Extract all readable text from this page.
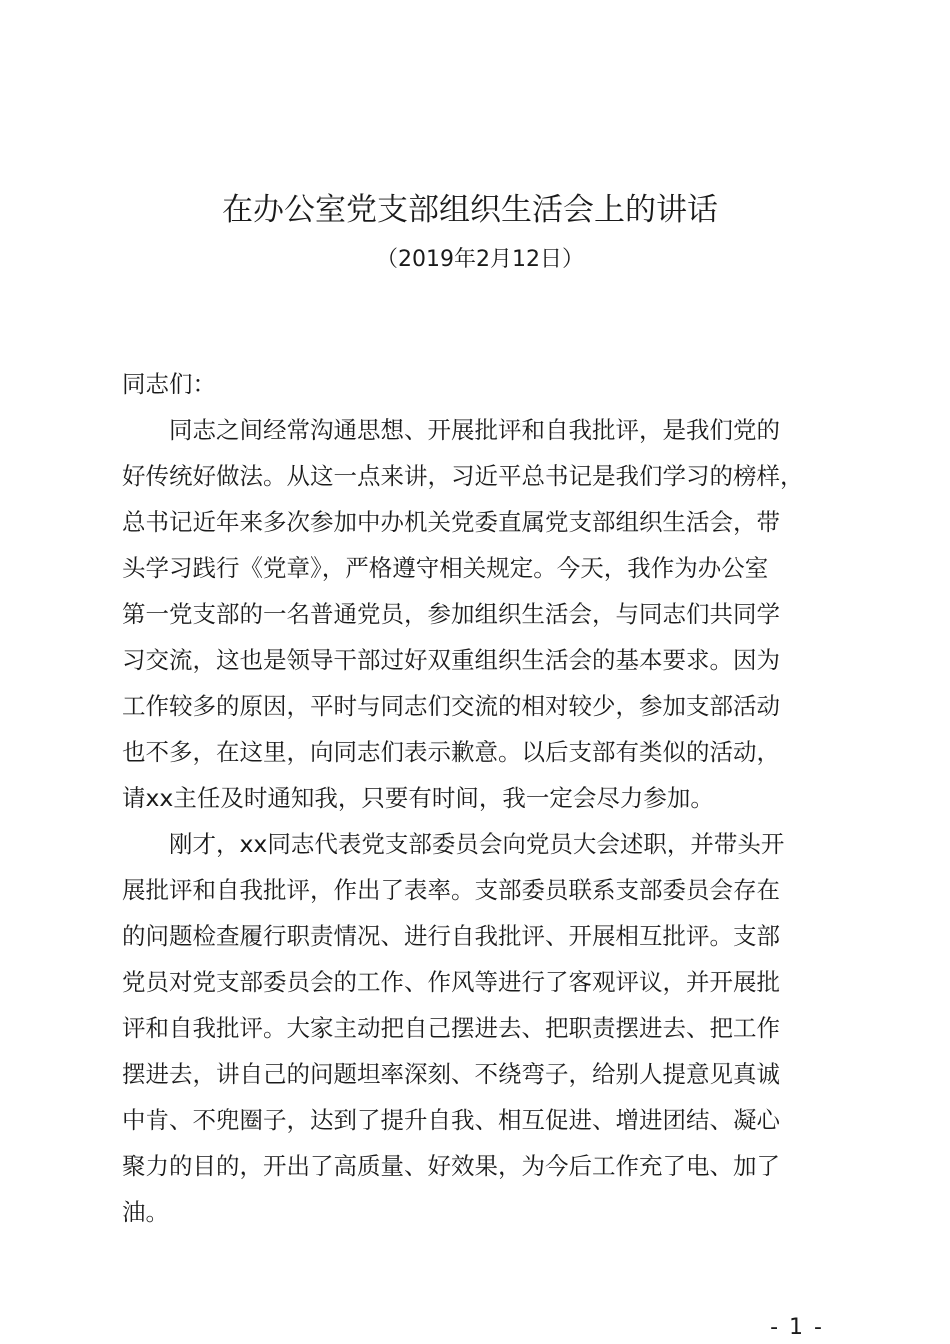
在办公室党支部组织生活会上的讲话
（2019年2月12日）
同志们：
　　同志之间经常沟通思想、开展批评和自我批评，是我们党的
好传统好做法。从这一点来讲，习近平总书记是我们学习的榜样，
总书记近年来多次参加中办机关党委直属党支部组织生活会，带
头学习践行《党章》，严格遵守相关规定。今天，我作为办公室
第一党支部的一名普通党员，参加组织生活会，与同志们共同学
习交流，这也是领导干部过好双重组织生活会的基本要求。因为
工作较多的原因，平时与同志们交流的相对较少，参加支部活动
也不多，在这里，向同志们表示歉意。以后支部有类似的活动，
请xx主任及时通知我，只要有时间，我一定会尽力参加。
　　刚才，xx同志代表党支部委员会向党员大会述职，并带头开
展批评和自我批评，作出了表率。支部委员联系支部委员会存在
的问题检查履行职责情况、进行自我批评、开展相互批评。支部
党员对党支部委员会的工作、作风等进行了客观评议，并开展批
评和自我批评。大家主动把自己摆进去、把职责摆进去、把工作
摆进去，讲自己的问题坦率深刻、不绕弯子，给别人提意见真诚
中肯、不兜圈子，达到了提升自我、相互促进、增进团结、凝心
聚力的目的，开出了高质量、好效果，为今后工作充了电、加了
油。
- 1 -
